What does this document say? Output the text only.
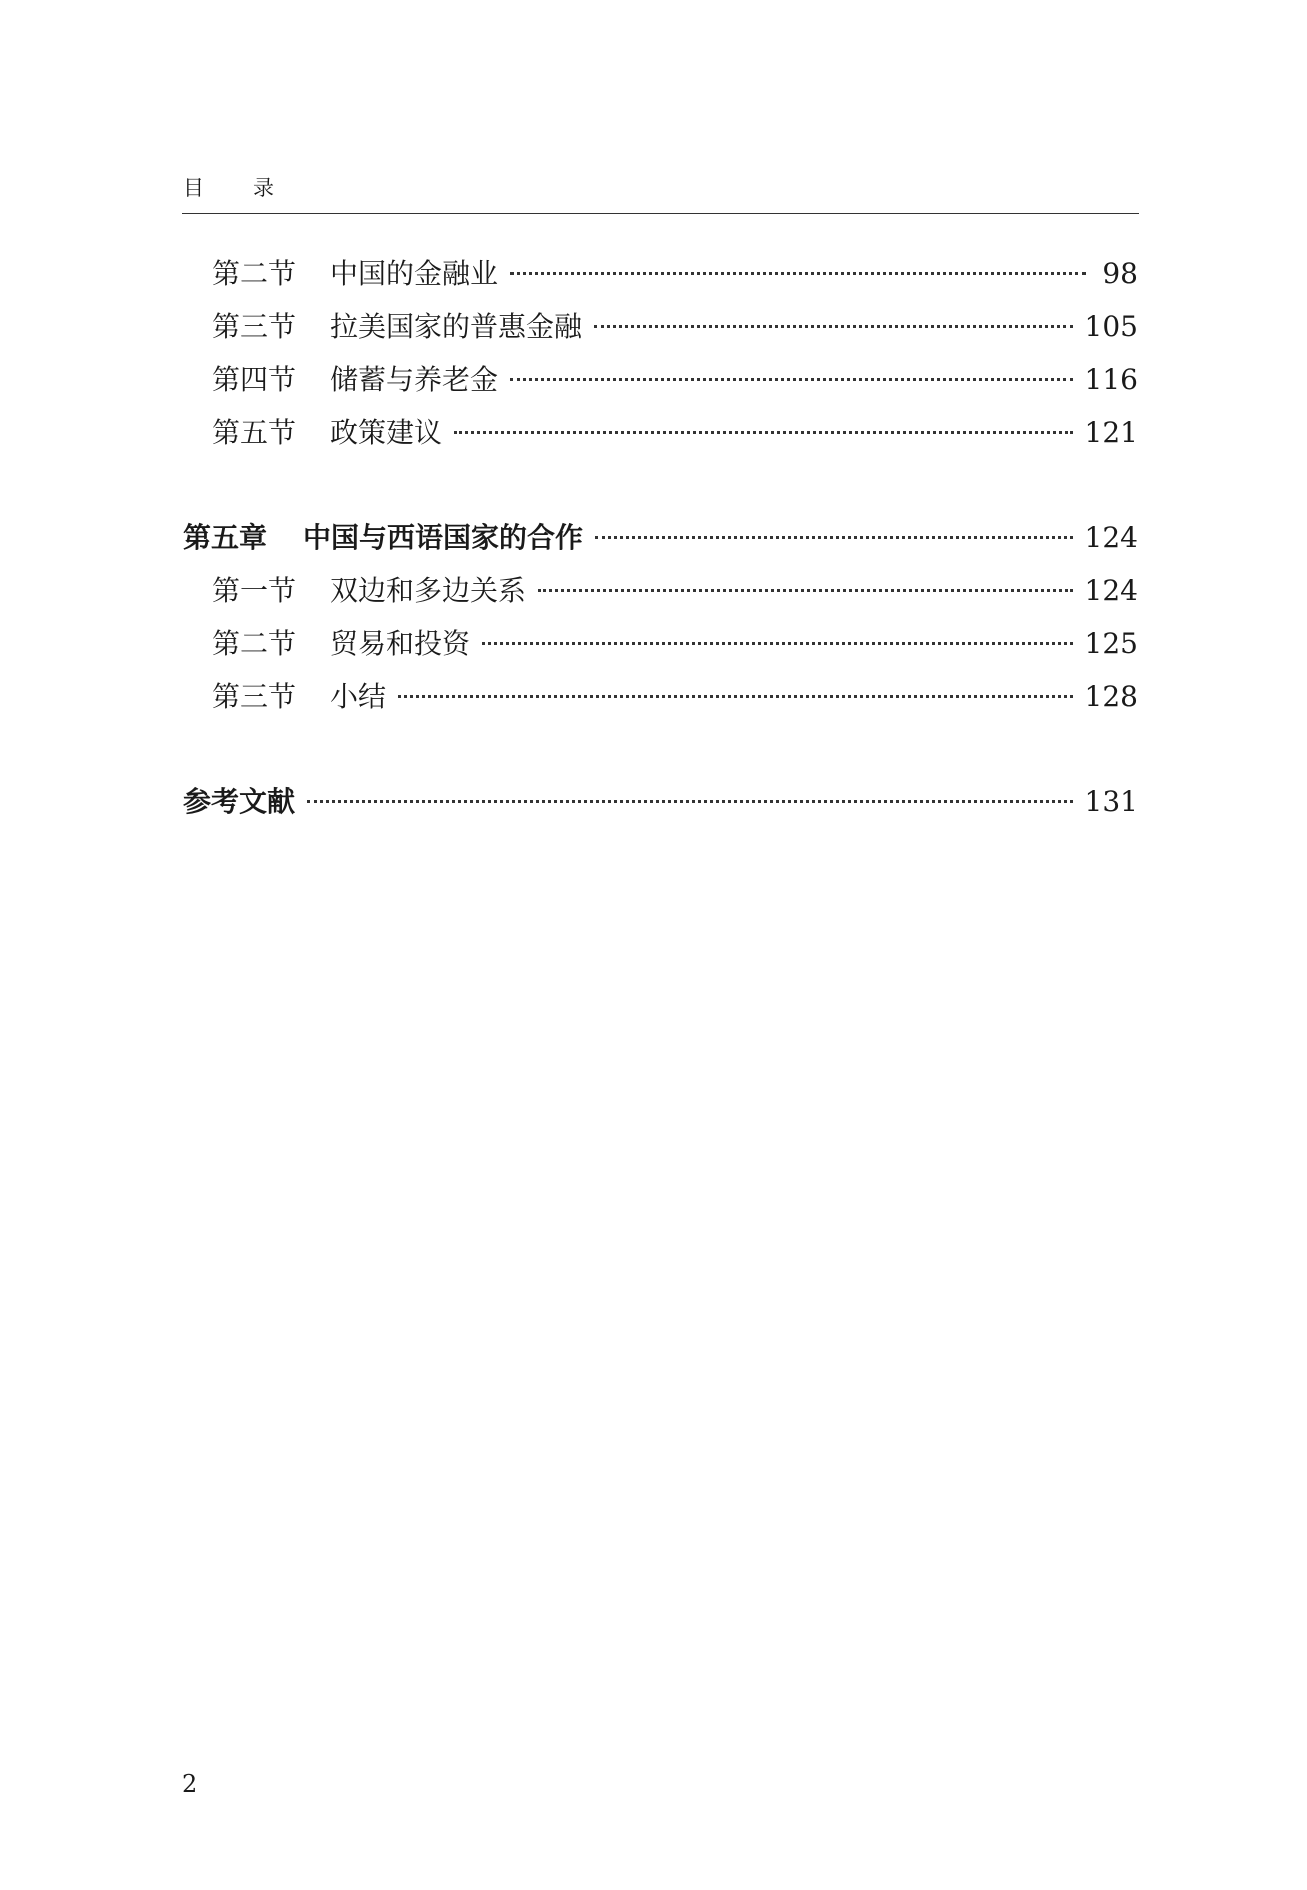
目 录
第二节	中国的金融业	98
第三节	拉美国家的普惠金融	105
第四节	储蓄与养老金	116
第五节	政策建议	121
第五章	中国与西语国家的合作	124
第一节	双边和多边关系	124
第二节	贸易和投资	125
第三节	小结	128
参考文献	131
2
